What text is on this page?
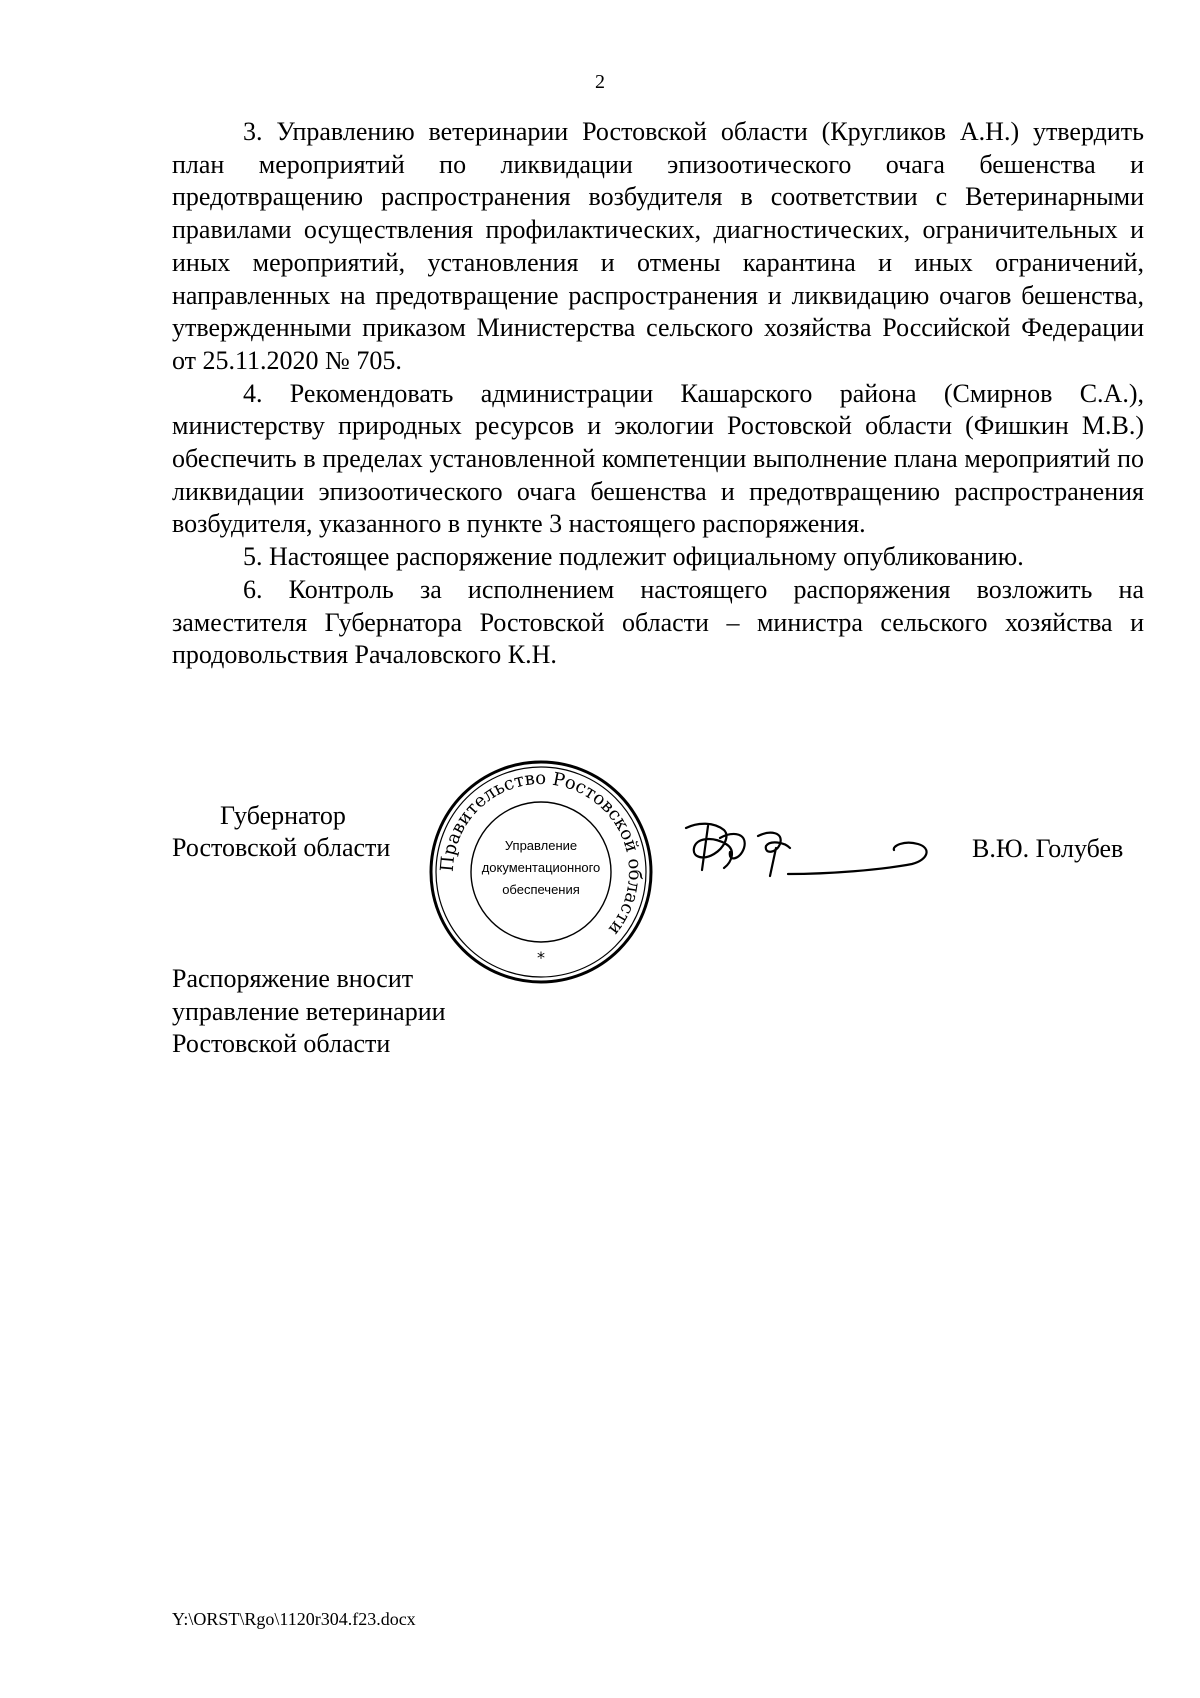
2

3. Управлению ветеринарии Ростовской области (Кругликов А.Н.) утвердить план мероприятий по ликвидации эпизоотического очага бешенства и предотвращению распространения возбудителя в соответствии с Ветеринарными правилами осуществления профилактических, диагностических, ограничительных и иных мероприятий, установления и отмены карантина и иных ограничений, направленных на предотвращение распространения и ликвидацию очагов бешенства, утвержденными приказом Министерства сельского хозяйства Российской Федерации от 25.11.2020 № 705.

4. Рекомендовать администрации Кашарского района (Смирнов С.А.), министерству природных ресурсов и экологии Ростовской области (Фишкин М.В.) обеспечить в пределах установленной компетенции выполнение плана мероприятий по ликвидации эпизоотического очага бешенства и предотвращению распространения возбудителя, указанного в пункте 3 настоящего распоряжения.

5. Настоящее распоряжение подлежит официальному опубликованию.

6. Контроль за исполнением настоящего распоряжения возложить на заместителя Губернатора Ростовской области – министра сельского хозяйства и продовольствия Рачаловского К.Н.

Губернатор
Ростовской области
Правительство Ростовской области
Управление
документационного
обеспечения
*
В.Ю. Голубев
Распоряжение вносит
управление ветеринарии
Ростовской области
Y:\ORST\Rgo\1120r304.f23.docx
